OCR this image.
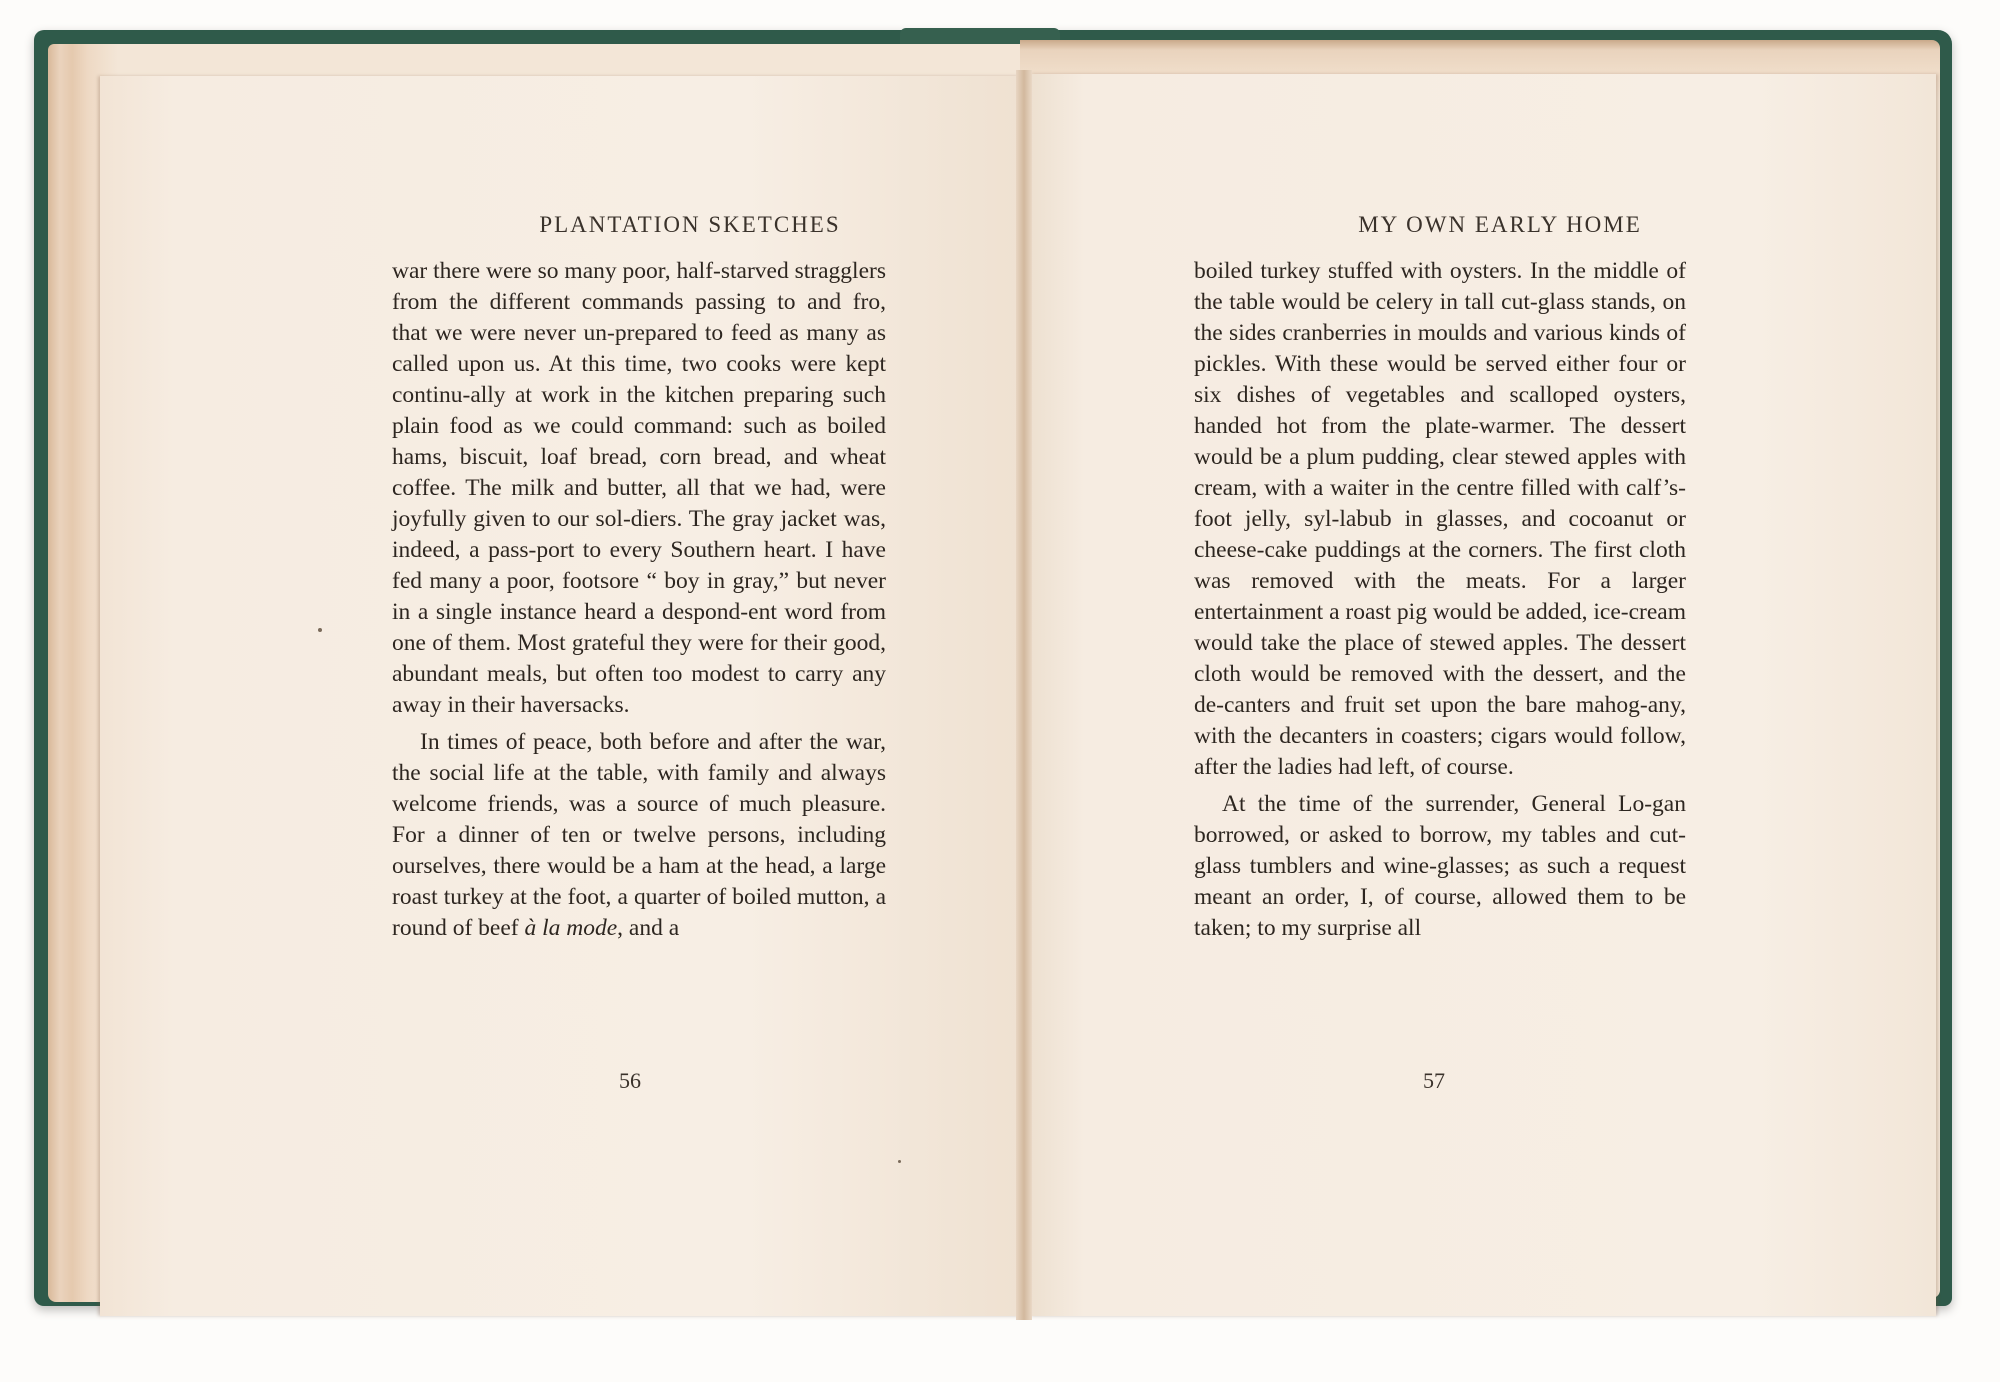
PLANTATION SKETCHES

war there were so many poor, half-starved stragglers from the different commands passing to and fro, that we were never un-prepared to feed as many as called upon us. At this time, two cooks were kept continu-ally at work in the kitchen preparing such plain food as we could command: such as boiled hams, biscuit, loaf bread, corn bread, and wheat coffee. The milk and butter, all that we had, were joyfully given to our sol-diers. The gray jacket was, indeed, a pass-port to every Southern heart. I have fed many a poor, footsore “ boy in gray,” but never in a single instance heard a despond-ent word from one of them. Most grateful they were for their good, abundant meals, but often too modest to carry any away in their haversacks.

In times of peace, both before and after the war, the social life at the table, with family and always welcome friends, was a source of much pleasure. For a dinner of ten or twelve persons, including ourselves, there would be a ham at the head, a large roast turkey at the foot, a quarter of boiled mutton, a round of beef à la mode, and a

56
MY OWN EARLY HOME

boiled turkey stuffed with oysters. In the middle of the table would be celery in tall cut-glass stands, on the sides cranberries in moulds and various kinds of pickles. With these would be served either four or six dishes of vegetables and scalloped oysters, handed hot from the plate-warmer. The dessert would be a plum pudding, clear stewed apples with cream, with a waiter in the centre filled with calf’s-foot jelly, syl-labub in glasses, and cocoanut or cheese-cake puddings at the corners. The first cloth was removed with the meats. For a larger entertainment a roast pig would be added, ice-cream would take the place of stewed apples. The dessert cloth would be removed with the dessert, and the de-canters and fruit set upon the bare mahog-any, with the decanters in coasters; cigars would follow, after the ladies had left, of course.

At the time of the surrender, General Lo-gan borrowed, or asked to borrow, my tables and cut-glass tumblers and wine-glasses; as such a request meant an order, I, of course, allowed them to be taken; to my surprise all

57
